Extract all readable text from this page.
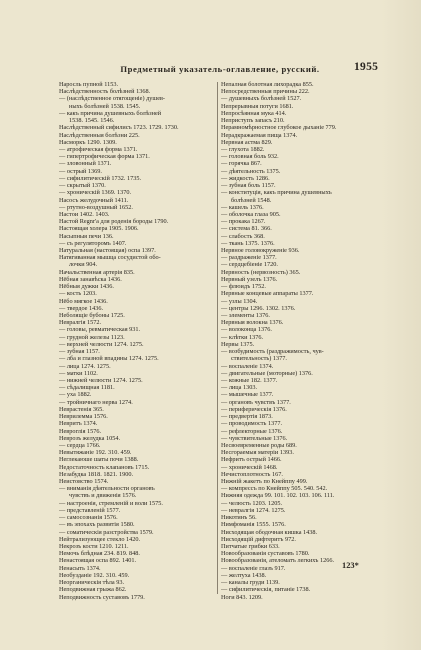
Предметный указатель-оглавление, русский.	1955
Наросль пупной 1153.
Наслѣдственность болѣзней 1368.
— (наслѣдственное отягощеніе) душев-
ныхъ болѣзней 1538. 1545.
— какъ причина душевныхъ болѣзней
1538. 1545. 1546.
Наслѣдственный сифилисъ 1723. 1729. 1730.
Наслѣдственныя болѣзни 225.
Насморкъ 1290. 1309.
— атрофическая форма 1371.
— гипертрофическая форма 1371.
— зловонный 1371.
— острый 1369.
— сифилитическій 1732. 1735.
— скрытый 1370.
— хроническій 1369. 1370.
Насосъ желудочный 1411.
— ртутно-воздушный 1652.
Настои 1402. 1403.
Настой Regnr'а для роденія бороды 1790.
Настоящая холера 1905. 1906.
Насыпныя печи 136.
— съ регуляторомъ 1407.
Натуральная (настоящая) оспа 1397.
Натягиванная мышца сосудистой обо-
лочки 904.
Начальственная артерія 835.
Нёбная занавѣска 1436.
Нёбныя дужки 1436.
— кость 1203.
Нёбо мягкое 1436.
— твердое 1436.
Неболящіе бубоны 1725.
Невралгія 1572.
— головы, ревматическая 931.
— грудной железы 1123.
— верхней челюсти 1274. 1275.
— зубная 1157.
— лба и глазной впадины 1274. 1275.
— лица 1274. 1275.
— матки 1102.
— нижней челюсти 1274. 1275.
— сѣдалищная 1181.
— уха 1882.
— тройничнаго нерва 1274.
Неврастенія 365.
Неврилемма 1576.
Невритъ 1374.
Невроглія 1576.
Неврозъ желудка 1054.
— сердца 1766.
Невытяжаніе 192. 310. 459.
Неглекаюше шаты почи 1388.
Недостаточность клапановъ 1715.
Незабудка 1818. 1821. 1900.
Неистовство 1574.
— вниманія дѣятельности органовъ
чувствъ и движенія 1576.
— настроенія, стремленій и воли 1575.
— представленій 1577.
— самосознанія 1576.
— въ эпохахъ развитія 1580.
— соматическія разстройства 1579.
Нейтрализующее стекло 1420.
Некрозъ кости 1210. 1211.
Немочь блѣдная 234. 819. 848.
Ненастоящая оспа 892. 1401.
Ненасыть 1374.
Необузданіе 192. 310. 459.
Неорганическія тѣла 93.
Неподвижная грыжа 862.
Неподвижность суставовъ 1779.
Непалная болотная лихорадка 855.
Непосредственныя причины 222.
— душевныхъ болѣзней 1527.
Непрерывныя потуги 1681.
Непросѣянная мука 414.
Неприступъ запасъ 210.
Нерамномѣрностное глубокое дыханіе 779.
Нерадкражаемая пища 1374.
Нервная астма 829.
— глухота 1882.
— головная боль 932.
— горячка 867.
— дѣятельность 1375.
— жидкость 1286.
— зубная боль 1157.
— конституція, какъ причина душевныхъ
болѣзней 1548.
— кашель 1376.
— оболочка глаза 905.
— прокака 1267.
— система 81. 366.
— слабость 368.
— ткань 1375. 1376.
Нервное головокруженіе 936.
— раздраженіе 1377.
— сердцебіеніе 1720.
Нервность (нервозность) 365.
Нервный узелъ 1376.
— флюидъ 1752.
Нервные концевые аппараты 1377.
— узлы 1304.
— центры 1296. 1302. 1376.
— элементы 1376.
Нервныя волокна 1376.
— волоконца 1376.
— клѣтки 1376.
Нервы 1375.
— возбудимость (раздражимость, чув-
ствительность) 1377.
— воспаленіе 1374.
— двигательные (моторные) 1376.
— кожные 182. 1377.
— лица 1303.
— мышечные 1377.
— органовъ чувствъ 1377.
— периферическія 1376.
— предвертія 1873.
— проводимость 1377.
— рефлекторные 1376.
— чувствительные 1376.
Несвоевременные роды 689.
Несгораемыя матеріи 1393.
Нефритъ острый 1466.
— хроническій 1468.
Нечистоплотность 167.
Нижній жакетъ по Кнейппу 499.
— компрессъ по Кнейппу 505. 540. 542.
Нижняя одежда 99. 101. 102. 103. 106. 111.
— челюсть 1203. 1205.
— невралгія 1274. 1275.
Никотинъ 56.
Нимфоманія 1555. 1576.
Нисходящая ободочная кишка 1438.
Нисходящій дифтеритъ 972.
Питчатые грибки 633.
Новообразованія суставовъ 1780.
Новообразованія, ателоматъ легкихъ 1266.
— воспаленіе глазъ 917.
— желтуха 1438.
— каналы груди 1139.
— сифилитическія, питаніе 1738.
Ноги 843. 1209.
123*
